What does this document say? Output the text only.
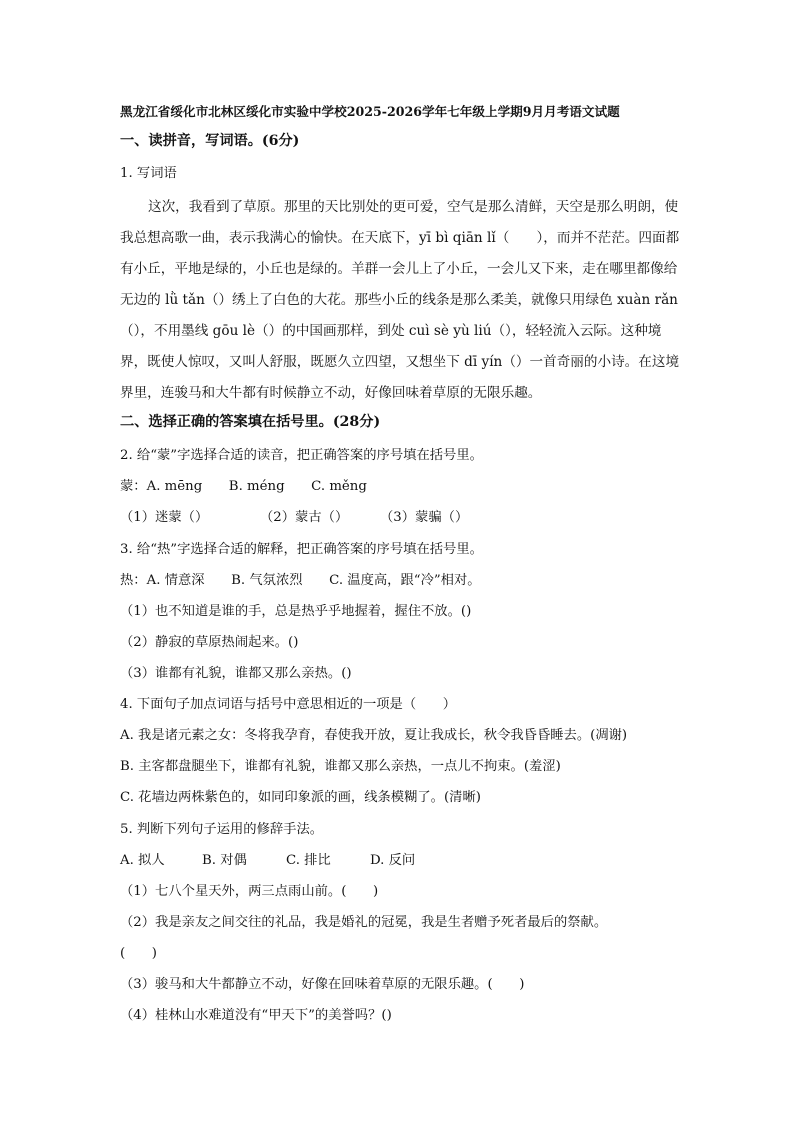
黑龙江省绥化市北林区绥化市实验中学校2025-2026学年七年级上学期9月月考语文试题
一、读拼音，写词语。(6分)
1. 写词语
这次，我看到了草原。那里的天比别处的更可爱，空气是那么清鲜，天空是那么明朗，使我总想高歌一曲，表示我满心的愉快。在天底下，yī bì qiān lǐ（　　），而并不茫茫。四面都有小丘，平地是绿的，小丘也是绿的。羊群一会儿上了小丘，一会儿又下来，走在哪里都像给无边的 lǜ tǎn（）绣上了白色的大花。那些小丘的线条是那么柔美，就像只用绿色 xuàn rǎn（），不用墨线 gōu lè（）的中国画那样，到处 cuì sè yù liú（），轻轻流入云际。这种境界，既使人惊叹，又叫人舒服，既愿久立四望，又想坐下 dī yín（）一首奇丽的小诗。在这境界里，连骏马和大牛都有时候静立不动，好像回味着草原的无限乐趣。
二、选择正确的答案填在括号里。(28分)
2. 给“蒙”字选择合适的读音，把正确答案的序号填在括号里。
蒙：A. mēng　　B. méng　　C. měng
（1）迷蒙（）	（2）蒙古（） （3）蒙骗（）
3. 给“热”字选择合适的解释，把正确答案的序号填在括号里。
热：A. 情意深　　B. 气氛浓烈　　C. 温度高，跟“冷”相对。
（1）也不知道是谁的手，总是热乎乎地握着，握住不放。()
（2）静寂的草原热闹起来。()
（3）谁都有礼貌，谁都又那么亲热。()
4. 下面句子加点词语与括号中意思相近的一项是（　　）
A. 我是诸元素之女：冬将我孕育，春使我开放，夏让我成长，秋令我昏昏睡去。(凋谢)
B. 主客都盘腿坐下，谁都有礼貌，谁都又那么亲热，一点儿不拘束。(羞涩)
C. 花墙边两株紫色的，如同印象派的画，线条模糊了。(清晰)
5. 判断下列句子运用的修辞手法。
A. 拟人	B. 对偶	C. 排比	D. 反问
（1）七八个星天外，两三点雨山前。(　　)
（2）我是亲友之间交往的礼品，我是婚礼的冠冕，我是生者赠予死者最后的祭献。
(　　)
（3）骏马和大牛都静立不动，好像在回味着草原的无限乐趣。(　　)
（4）桂林山水难道没有“甲天下”的美誉吗？()
